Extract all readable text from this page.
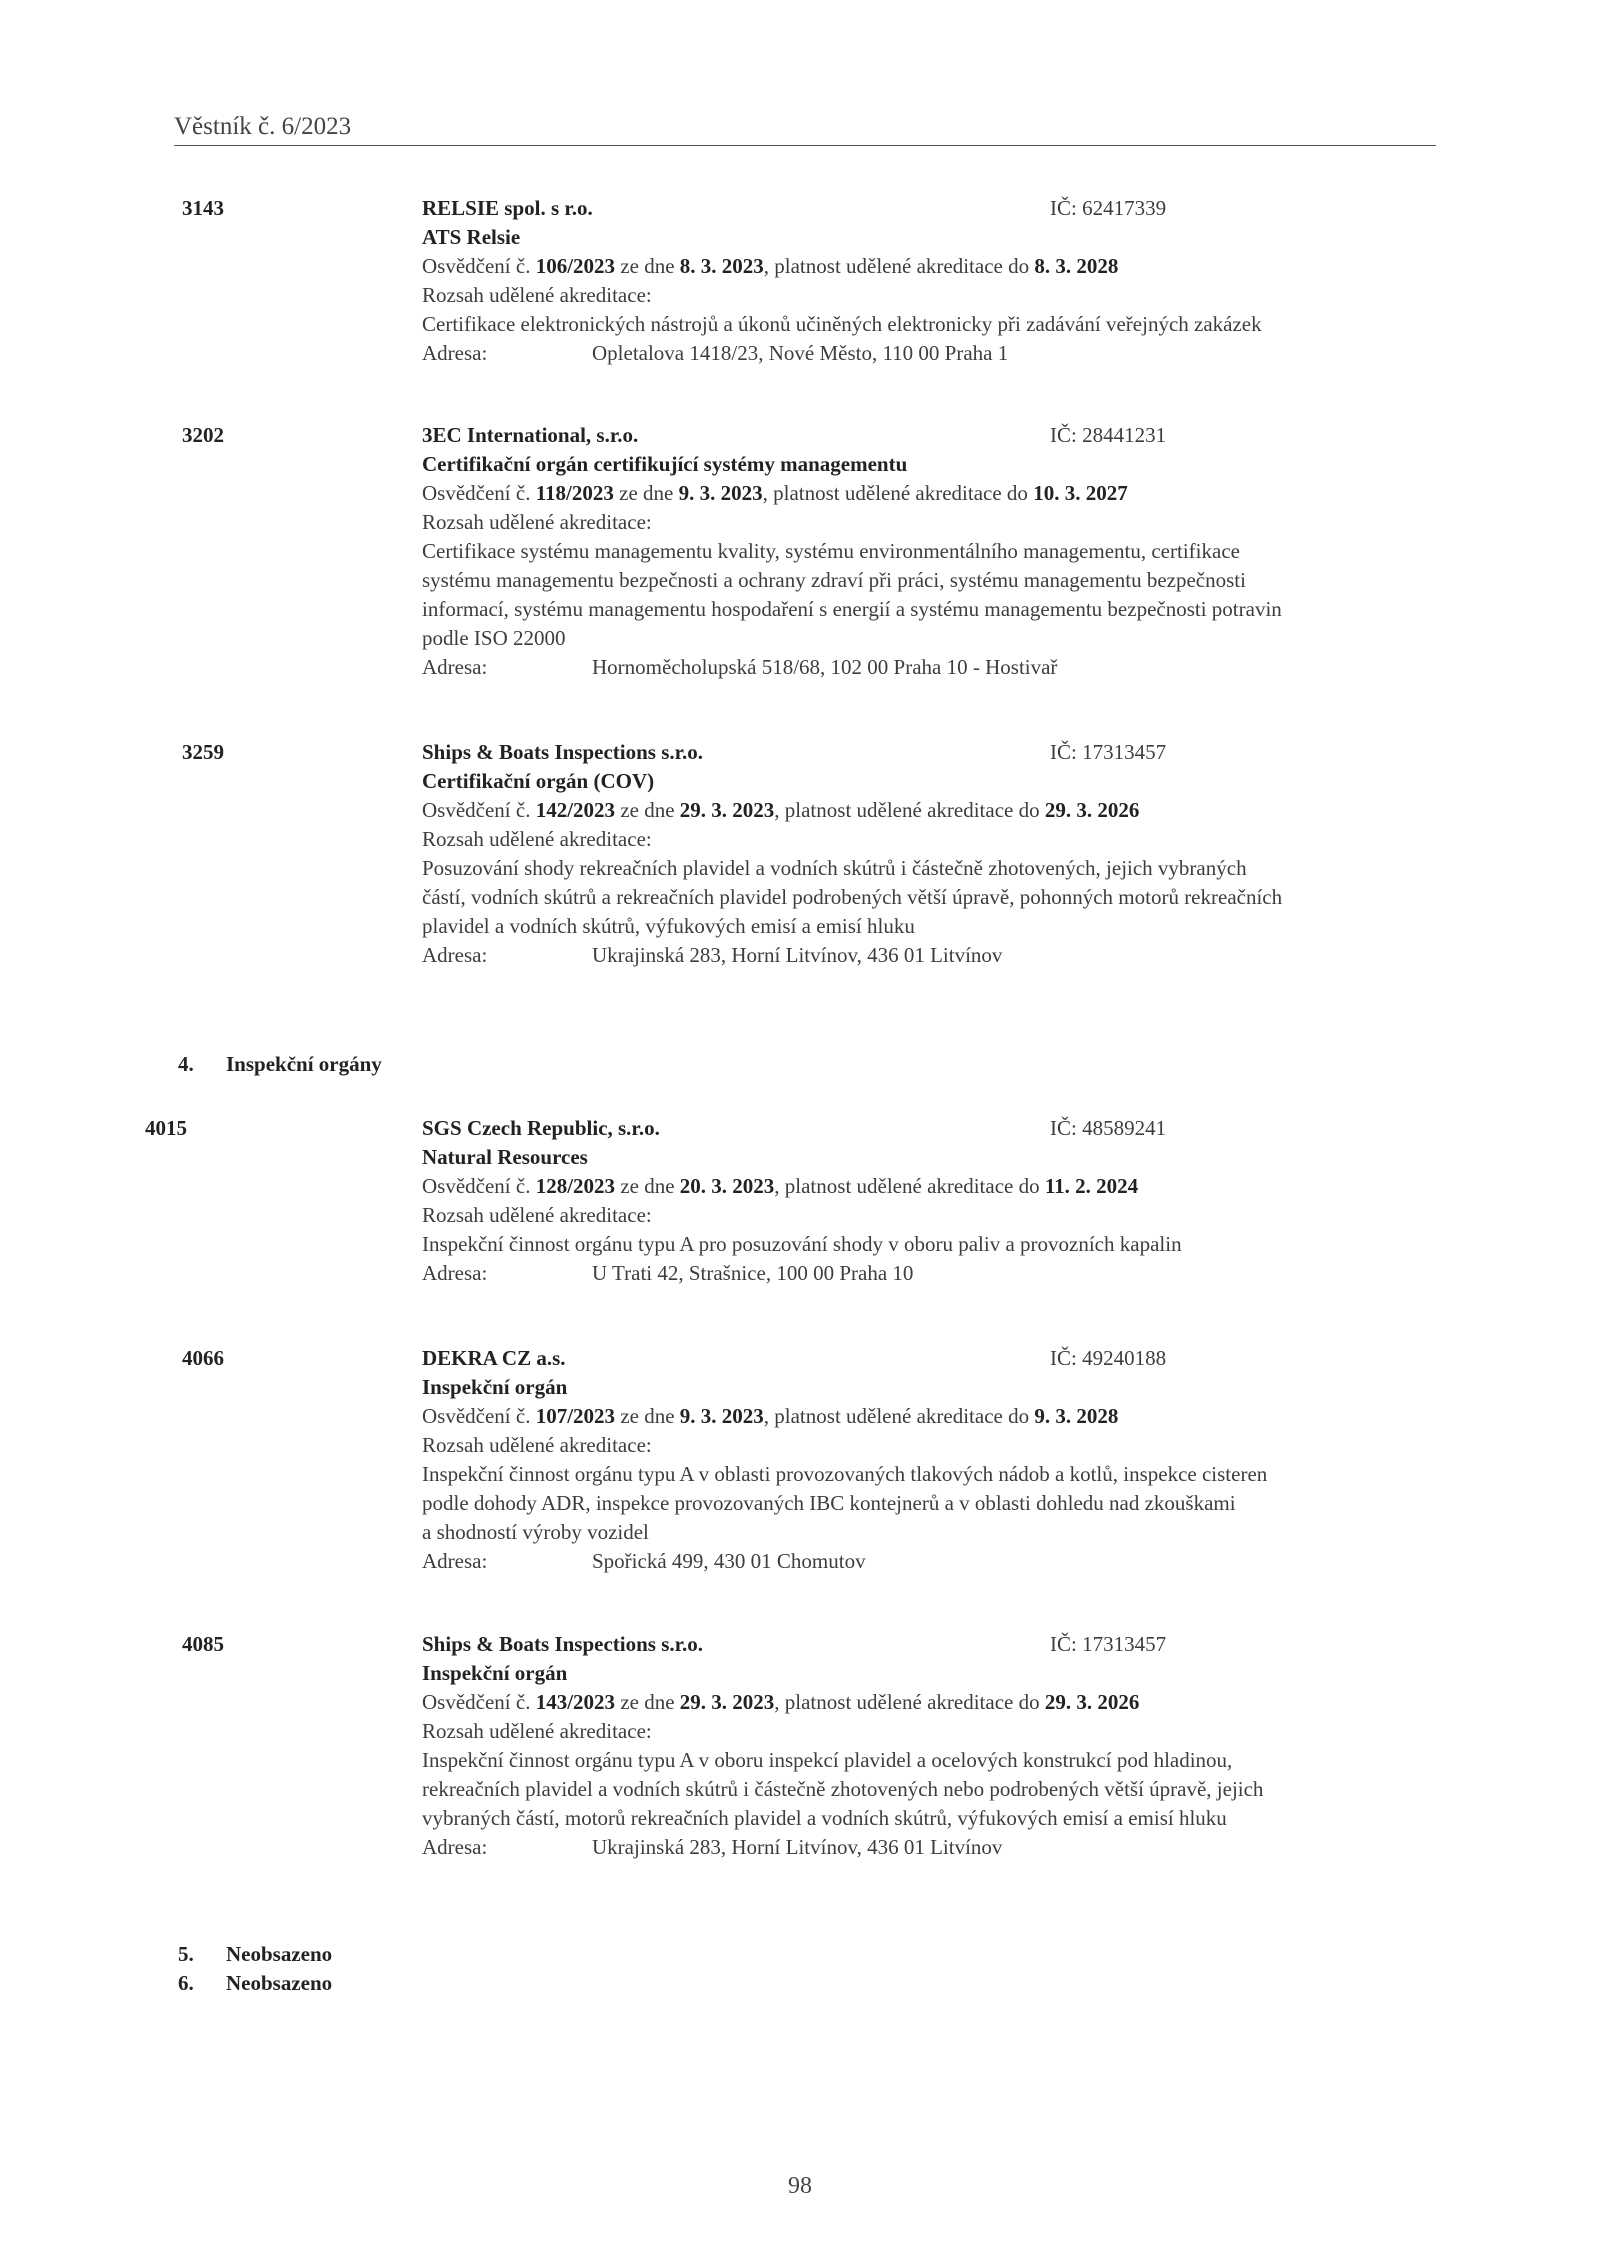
Věstník č. 6/2023
3143	RELSIE spol. s r.o.	IČ: 62417339
ATS Relsie
Osvědčení č. 106/2023 ze dne 8. 3. 2023, platnost udělené akreditace do 8. 3. 2028
Rozsah udělené akreditace:
Certifikace elektronických nástrojů a úkonů učiněných elektronicky při zadávání veřejných zakázek
Adresa:	Opletalova 1418/23, Nové Město, 110 00 Praha 1
3202	3EC International, s.r.o.	IČ: 28441231
Certifikační orgán certifikující systémy managementu
Osvědčení č. 118/2023 ze dne 9. 3. 2023, platnost udělené akreditace do 10. 3. 2027
Rozsah udělené akreditace:
Certifikace systému managementu kvality, systému environmentálního managementu, certifikace
systému managementu bezpečnosti a ochrany zdraví při práci, systému managementu bezpečnosti
informací, systému managementu hospodaření s energií a systému managementu bezpečnosti potravin
podle ISO 22000
Adresa:	Hornoměcholupská 518/68, 102 00 Praha 10 - Hostivař
3259	Ships & Boats Inspections s.r.o.	IČ: 17313457
Certifikační orgán (COV)
Osvědčení č. 142/2023 ze dne 29. 3. 2023, platnost udělené akreditace do 29. 3. 2026
Rozsah udělené akreditace:
Posuzování shody rekreačních plavidel a vodních skútrů i částečně zhotovených, jejich vybraných
částí, vodních skútrů a rekreačních plavidel podrobených větší úpravě, pohonných motorů rekreačních
plavidel a vodních skútrů, výfukových emisí a emisí hluku
Adresa:	Ukrajinská 283, Horní Litvínov, 436 01 Litvínov
4. Inspekční orgány
4015	SGS Czech Republic, s.r.o.	IČ: 48589241
Natural Resources
Osvědčení č. 128/2023 ze dne 20. 3. 2023, platnost udělené akreditace do 11. 2. 2024
Rozsah udělené akreditace:
Inspekční činnost orgánu typu A pro posuzování shody v oboru paliv a provozních kapalin
Adresa:	U Trati 42, Strašnice, 100 00 Praha 10
4066	DEKRA CZ a.s.	IČ: 49240188
Inspekční orgán
Osvědčení č. 107/2023 ze dne 9. 3. 2023, platnost udělené akreditace do 9. 3. 2028
Rozsah udělené akreditace:
Inspekční činnost orgánu typu A v oblasti provozovaných tlakových nádob a kotlů, inspekce cisteren
podle dohody ADR, inspekce provozovaných IBC kontejnerů a v oblasti dohledu nad zkouškami
a shodností výroby vozidel
Adresa:	Spořická 499, 430 01 Chomutov
4085	Ships & Boats Inspections s.r.o.	IČ: 17313457
Inspekční orgán
Osvědčení č. 143/2023 ze dne 29. 3. 2023, platnost udělené akreditace do 29. 3. 2026
Rozsah udělené akreditace:
Inspekční činnost orgánu typu A v oboru inspekcí plavidel a ocelových konstrukcí pod hladinou,
rekreačních plavidel a vodních skútrů i částečně zhotovených nebo podrobených větší úpravě, jejich
vybraných částí, motorů rekreačních plavidel a vodních skútrů, výfukových emisí a emisí hluku
Adresa:	Ukrajinská 283, Horní Litvínov, 436 01 Litvínov
5. Neobsazeno
6. Neobsazeno
98
